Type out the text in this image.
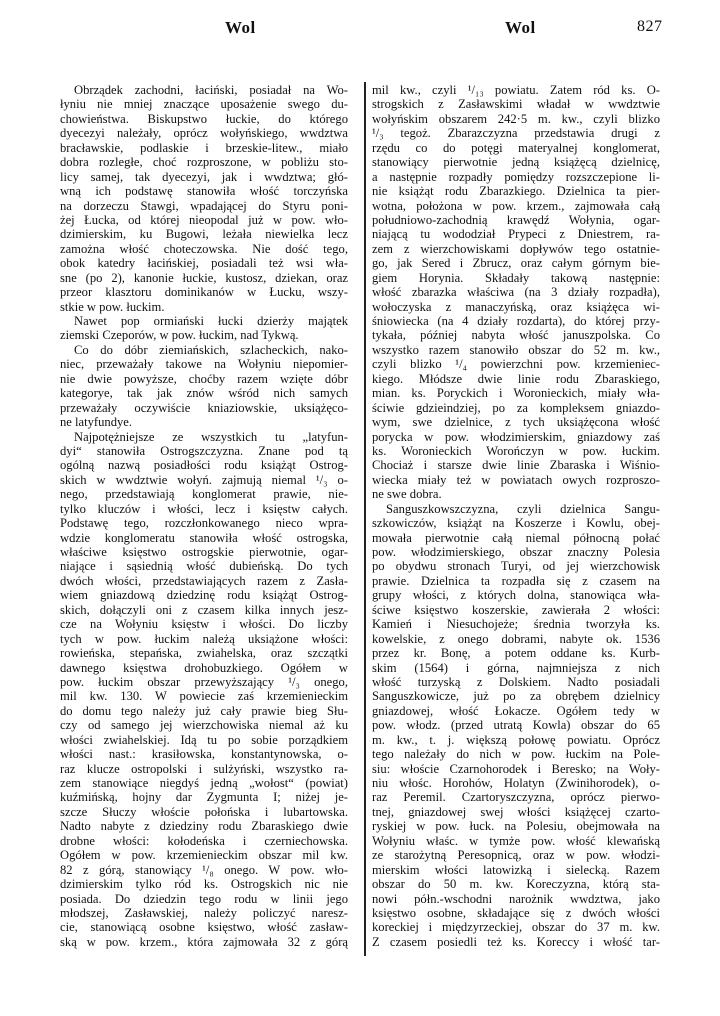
Wol	Wol	827
Obrządek zachodni, łaciński, posiadał na Wo-
łyniu nie mniej znaczące uposażenie swego du-
chowieństwa. Biskupstwo łuckie, do którego
dyecezyi należały, oprócz wołyńskiego, wwdztwa
bracławskie, podlaskie i brzeskie-litew., miało
dobra rozległe, choć rozproszone, w pobliżu sto-
licy samej, tak dyecezyi, jak i wwdztwa; głó-
wną ich podstawę stanowiła włość torczyńska
na dorzeczu Stawgi, wpadającej do Styru poni-
żej Łucka, od której nieopodal już w pow. wło-
dzimierskim, ku Bugowi, leżała niewielka lecz
zamożna włość choteczowska. Nie dość tego,
obok katedry łacińskiej, posiadali też wsi wła-
sne (po 2), kanonie łuckie, kustosz, dziekan, oraz
przeor klasztoru dominikanów w Łucku, wszy-
stkie w pow. łuckim.
Nawet pop ormiański łucki dzierży majątek
ziemski Czeporów, w pow. łuckim, nad Tykwą.
Co do dóbr ziemiańskich, szlacheckich, nako-
niec, przeważały takowe na Wołyniu niepomier-
nie dwie powyższe, choćby razem wzięte dóbr
kategorye, tak jak znów wśród nich samych
przeważały oczywiście kniaziowskie, uksiążęco-
ne latyfundye.
Najpotężniejsze ze wszystkich tu „latyfun-
dyi“ stanowiła Ostrogszczyzna. Znane pod tą
ogólną nazwą posiadłości rodu książąt Ostrog-
skich w wwdztwie wołyń. zajmują niemal ¹/₃ o-
nego, przedstawiają konglomerat prawie, nie-
tylko kluczów i włości, lecz i księstw całych.
Podstawę tego, rozczłonkowanego nieco wpra-
wdzie konglomeratu stanowiła włość ostrogska,
właściwe księstwo ostrogskie pierwotnie, ogar-
niające i sąsiednią włość dubieńską. Do tych
dwóch włości, przedstawiających razem z Zasła-
wiem gniazdową dziedzinę rodu książąt Ostrog-
skich, dołączyli oni z czasem kilka innych jesz-
cze na Wołyniu księstw i włości. Do liczby
tych w pow. łuckim należą uksiążone włości:
rowieńska, stepańska, zwiahelska, oraz szczątki
dawnego księstwa drohobuzkiego. Ogółem w
pow. łuckim obszar przewyższający ¹/₃ onego,
mil kw. 130. W powiecie zaś krzemienieckim
do domu tego należy już cały prawie bieg Słu-
czy od samego jej wierzchowiska niemal aż ku
włości zwiahelskiej. Idą tu po sobie porządkiem
włości nast.: krasiłowska, konstantynowska, o-
raz klucze ostropolski i sulżyński, wszystko ra-
zem stanowiące niegdyś jedną „wołost“ (powiat)
kuźmińską, hojny dar Zygmunta I; niżej je-
szcze Słuczy włoście połońska i lubartowska.
Nadto nabyte z dziedziny rodu Zbaraskiego dwie
drobne włości: kołodeńska i czerniechowska.
Ogółem w pow. krzemienieckim obszar mil kw.
82 z górą, stanowiący ¹/₈ onego. W pow. wło-
dzimierskim tylko ród ks. Ostrogskich nic nie
posiada. Do dziedzin tego rodu w linii jego
młodszej, Zasławskiej, należy policzyć naresz-
cie, stanowiącą osobne księstwo, włość zasław-
ską w pow. krzem., która zajmowała 32 z górą
mil kw., czyli ¹/₁₃ powiatu. Zatem ród ks. O-
strogskich z Zasławskimi władał w wwdztwie
wołyńskim obszarem 242·5 m. kw., czyli blizko
¹/₃ tegoż. Zbarazczyzna przedstawia drugi z
rzędu co do potęgi materyalnej konglomerat,
stanowiący pierwotnie jedną książęcą dzielnicę,
a następnie rozpadły pomiędzy rozszczepione li-
nie książąt rodu Zbarazkiego. Dzielnica ta pier-
wotna, położona w pow. krzem., zajmowała całą
południowo-zachodnią krawędź Wołynia, ogar-
niającą tu wododział Prypeci z Dniestrem, ra-
zem z wierzchowiskami dopływów tego ostatnie-
go, jak Sered i Zbrucz, oraz całym górnym bie-
giem Horynia. Składały takową następnie:
włość zbarazka właściwa (na 3 działy rozpadła),
wołoczyska z manaczyńską, oraz książęca wi-
śniowiecka (na 4 działy rozdarta), do której przy-
tykała, później nabyta włość januszpolska. Co
wszystko razem stanowiło obszar do 52 m. kw.,
czyli blizko ¹/₄ powierzchni pow. krzemieniec-
kiego. Młódsze dwie linie rodu Zbaraskiego,
mian. ks. Poryckich i Woronieckich, miały wła-
ściwie gdzieindziej, po za kompleksem gniazdo-
wym, swe dzielnice, z tych uksiążęcona włość
porycka w pow. włodzimierskim, gniazdowy zaś
ks. Woronieckich Worończyn w pow. łuckim.
Chociaż i starsze dwie linie Zbaraska i Wiśnio-
wiecka miały też w powiatach owych rozproszo-
ne swe dobra.
Sanguszkowszczyzna, czyli dzielnica Sangu-
szkowiczów, książąt na Koszerze i Kowlu, obej-
mowała pierwotnie całą niemal północną połać
pow. włodzimierskiego, obszar znaczny Polesia
po obydwu stronach Turyi, od jej wierzchowisk
prawie. Dzielnica ta rozpadła się z czasem na
grupy włości, z których dolna, stanowiąca wła-
ściwe księstwo koszerskie, zawierała 2 włości:
Kamień i Niesuchojeże; średnia tworzyła ks.
kowelskie, z onego dobrami, nabyte ok. 1536
przez kr. Bonę, a potem oddane ks. Kurb-
skim (1564) i górna, najmniejsza z nich
włość turzyską z Dolskiem. Nadto posiadali
Sanguszkowicze, już po za obrębem dzielnicy
gniazdowej, włość Łokacze. Ogółem tedy w
pow. włodz. (przed utratą Kowla) obszar do 65
m. kw., t. j. większą połowę powiatu. Oprócz
tego należały do nich w pow. łuckim na Pole-
siu: włoście Czarnohorodek i Beresko; na Woły-
niu włośc. Horohów, Holatyn (Zwinihorodek), o-
raz Peremil. Czartoryszczyzna, oprócz pierwo-
tnej, gniazdowej swej włości książęcej czarto-
ryskiej w pow. łuck. na Polesiu, obejmowała na
Wołyniu właśc. w tymże pow. włość klewańską
ze starożytną Peresopnicą, oraz w pow. włodzi-
mierskim włości latowizką i sielecką. Razem
obszar do 50 m. kw. Koreczyzna, którą sta-
nowi półn.-wschodni narożnik wwdztwa, jako
księstwo osobne, składające się z dwóch włości
koreckiej i międzyrzeckiej, obszar do 37 m. kw.
Z czasem posiedli też ks. Koreccy i włość tar-
